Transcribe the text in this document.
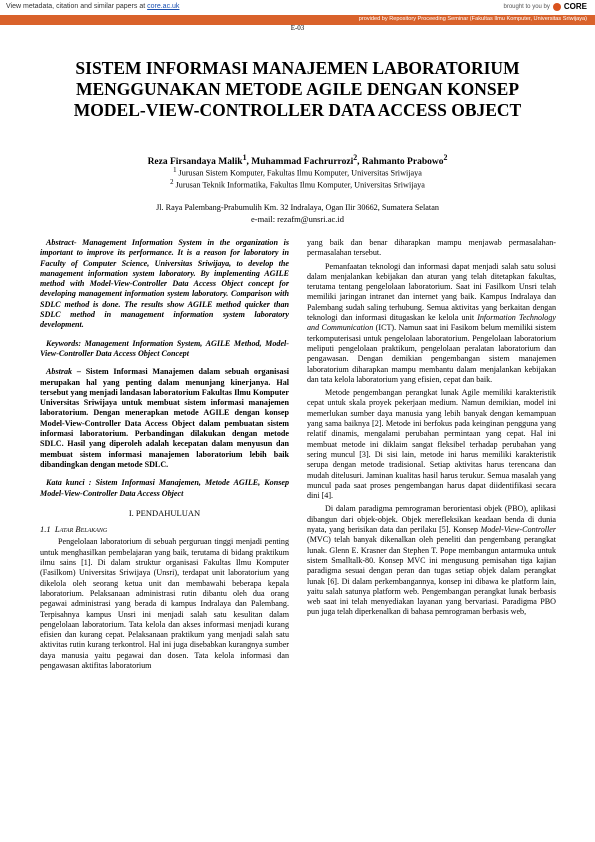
View metadata, citation and similar papers at core.ac.uk	brought to you by CORE
provided by Repository Proceeding Seminar (Fakultas Ilmu Komputer, Universitas Sriwijaya)
E-03
SISTEM INFORMASI MANAJEMEN LABORATORIUM
MENGGUNAKAN METODE AGILE DENGAN KONSEP
MODEL-VIEW-CONTROLLER DATA ACCESS OBJECT
Reza Firsandaya Malik$^1$, Muhammad Fachrurrozi$^2$, Rahmanto Prabowo$^2$
$^1$ Jurusan Sistem Komputer, Fakultas Ilmu Komputer, Universitas Sriwijaya
$^2$ Jurusan Teknik Informatika, Fakultas Ilmu Komputer, Universitas Sriwijaya
Jl. Raya Palembang-Prabumulih Km. 32 Indralaya, Ogan Ilir 30662, Sumatera Selatan
e-mail: rezafm@unsri.ac.id

Abstract- Management Information System in the organization is important to improve its performance. It is a reason for laboratory in Faculty of Computer Science, Universitas Sriwijaya, to develop the management information system laboratory. By implementing AGILE method with Model-View-Controller Data Access Object concept for developing management information system laboratory. Comparison with SDLC method is done. The results show AGILE method quicker than SDLC method in management information system laboratory development.

Keywords: Management Information System, AGILE Method, Model-View-Controller Data Access Object Concept

Abstrak – Sistem Informasi Manajemen dalam sebuah organisasi merupakan hal yang penting dalam menunjang kinerjanya. Hal tersebut yang menjadi landasan laboratorium Fakultas Ilmu Komputer Universitas Sriwijaya untuk membuat sistem informasi manajemen laboratorium. Dengan menerapkan metode AGILE dengan konsep Model-View-Controller Data Access Object dalam pembuatan sistem informasi laboratorium. Perbandingan dilakukan dengan metode SDLC. Hasil yang diperoleh adalah kecepatan dalam menyusun dan membuat sistem informasi manajemen laboratorium lebih baik dibandingkan dengan metode SDLC.

Kata kunci : Sistem Informasi Manajemen, Metode AGILE, Konsep Model-View-Controller Data Access Object

I. PENDAHULUAN
1.1 Latar Belakang

Pengelolaan laboratorium di sebuah perguruan tinggi menjadi penting untuk menghasilkan pembelajaran yang baik, terutama di bidang praktikum ilmu sains [1]. Di dalam struktur organisasi Fakultas Ilmu Komputer (Fasilkom) Universitas Sriwijaya (Unsri), terdapat unit laboratorium yang dikelola oleh seorang ketua unit dan membawahi beberapa kepala laboratorium. Pelaksanaan administrasi rutin dibantu oleh dua orang pegawai administrasi yang berada di kampus Indralaya dan Palembang. Terpisahnya kampus Unsri ini menjadi salah satu kesulitan dalam pengelolaan laboratorium. Tata kelola dan akses informasi menjadi kurang efisien dan kurang cepat. Pelaksanaan praktikum yang menjadi salah satu aktivitas rutin kurang terkontrol. Hal ini juga disebabkan kurangnya sumber daya manusia yaitu pegawai dan dosen. Tata kelola informasi dan pengawasan aktifitas laboratorium

yang baik dan benar diharapkan mampu menjawab permasalahan-permasalahan tersebut.

Pemanfaatan teknologi dan informasi dapat menjadi salah satu solusi dalam menjalankan kebijakan dan aturan yang telah ditetapkan fakultas, terutama tentang pengelolaan laboratorium. Saat ini Fasilkom Unsri telah memiliki jaringan intranet dan internet yang baik. Kampus Indralaya dan Palembang sudah saling terhubung. Semua aktivitas yang berkaitan dengan teknologi dan informasi ditugaskan ke kelola unit Information Technology and Communication (ICT). Namun saat ini Fasikom belum memiliki sistem terkomputerisasi untuk pengelolaan laboratorium. Pengelolaan laboratorium meliputi pengelolaan praktikum, pengelolaan peralatan laboratorium dan pengawasan. Dengan demikian pengembangan sistem manajemen laboratorium diharapkan mampu membantu dalam menjalankan kebijakan dan tata kelola laboratorium yang efisien, cepat dan baik.

Metode pengembangan perangkat lunak Agile memiliki karakteristik cepat untuk skala proyek pekerjaan medium. Namun demikian, model ini memerlukan sumber daya manusia yang lebih banyak dengan kemampuan yang sama baiknya [2]. Metode ini berfokus pada keinginan pengguna yang relatif dinamis, mengalami perubahan permintaan yang cepat. Hal ini membuat metode ini diklaim sangat fleksibel terhadap perubahan yang sering muncul [3]. Di sisi lain, metode ini harus memiliki karakteristik serupa dengan metode tradisional. Setiap aktivitas harus terencana dan mudah ditelusuri. Jaminan kualitas hasil harus terukur. Semua masalah yang muncul pada saat proses pengembangan harus dapat diidentifikasi secara dini [4].

Di dalam paradigma pemrograman berorientasi objek (PBO), aplikasi dibangun dari objek-objek. Objek merefleksikan keadaan benda di dunia nyata, yang berisikan data dan perilaku [5]. Konsep Model-View-Controller (MVC) telah banyak dikenalkan oleh peneliti dan pengembang perangkat lunak. Glenn E. Krasner dan Stephen T. Pope membangun antarmuka untuk sistem Smalltalk-80. Konsep MVC ini mengusung pemisahan tiga kajian paradigma sesuai dengan peran dan tugas setiap objek dalam perangkat lunak [6]. Di dalam perkembangannya, konsep ini dibawa ke platform lain, yaitu salah satunya platform web. Pengembangan perangkat lunak berbasis web saat ini telah menyediakan layanan yang bervariasi. Paradigma PBO pun juga telah diperkenalkan di bahasa pemrograman berbasis web,
